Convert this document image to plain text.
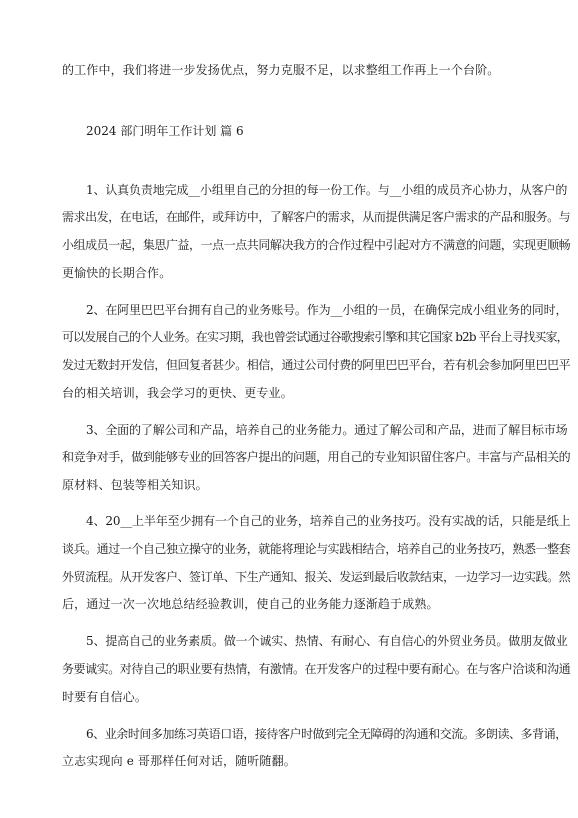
的工作中，我们将进一步发扬优点，努力克服不足，以求整组工作再上一个台阶。
2024 部门明年工作计划 篇 6
1、认真负责地完成__小组里自己的分担的每一份工作。与__小组的成员齐心协力，从客户的
需求出发，在电话，在邮件，或拜访中，了解客户的需求，从而提供满足客户需求的产品和服务。与
小组成员一起，集思广益，一点一点共同解决我方的合作过程中引起对方不满意的问题，实现更顺畅
更愉快的长期合作。
2、在阿里巴巴平台拥有自己的业务账号。作为__小组的一员，在确保完成小组业务的同时，
可以发展自己的个人业务。在实习期，我也曾尝试通过谷歌搜索引擎和其它国家 b2b 平台上寻找买家，
发过无数封开发信，但回复者甚少。相信，通过公司付费的阿里巴巴平台，若有机会参加阿里巴巴平
台的相关培训，我会学习的更快、更专业。
3、全面的了解公司和产品，培养自己的业务能力。通过了解公司和产品，进而了解目标市场
和竞争对手，做到能够专业的回答客户提出的问题，用自己的专业知识留住客户。丰富与产品相关的
原材料、包装等相关知识。
4、20__上半年至少拥有一个自己的业务，培养自己的业务技巧。没有实战的话，只能是纸上
谈兵。通过一个自己独立操守的业务，就能将理论与实践相结合，培养自己的业务技巧，熟悉一整套
外贸流程。从开发客户、签订单、下生产通知、报关、发运到最后收款结束，一边学习一边实践。然
后，通过一次一次地总结经验教训，使自己的业务能力逐渐趋于成熟。
5、提高自己的业务素质。做一个诚实、热情、有耐心、有自信心的外贸业务员。做朋友做业
务要诚实。对待自己的职业要有热情，有激情。在开发客户的过程中要有耐心。在与客户洽谈和沟通
时要有自信心。
6、业余时间多加练习英语口语，接待客户时做到完全无障碍的沟通和交流。多朗读、多背诵，
立志实现向 e 哥那样任何对话，随听随翻。
